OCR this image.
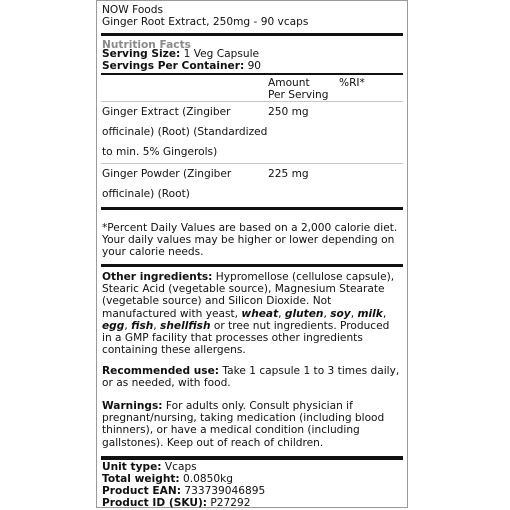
NOW Foods
Ginger Root Extract, 250mg - 90 vcaps
Nutrition Facts
Serving Size: 1 Veg Capsule
Servings Per Container: 90
Amount
Per Serving
%RI*
Ginger Extract (Zingiber
officinale) (Root) (Standardized
to min. 5% Gingerols)
250 mg
Ginger Powder (Zingiber
officinale) (Root)
225 mg
*Percent Daily Values are based on a 2,000 calorie diet. Your daily values may be higher or lower depending on your calorie needs.
Other ingredients: Hypromellose (cellulose capsule), Stearic Acid (vegetable source), Magnesium Stearate (vegetable source) and Silicon Dioxide. Not manufactured with yeast, wheat, gluten, soy, milk, egg, fish, shellfish or tree nut ingredients. Produced in a GMP facility that processes other ingredients containing these allergens.
Recommended use: Take 1 capsule 1 to 3 times daily, or as needed, with food.
Warnings: For adults only. Consult physician if pregnant/nursing, taking medication (including blood thinners), or have a medical condition (including gallstones). Keep out of reach of children.
Unit type: Vcaps
Total weight: 0.0850kg
Product EAN: 733739046895
Product ID (SKU): P27292
